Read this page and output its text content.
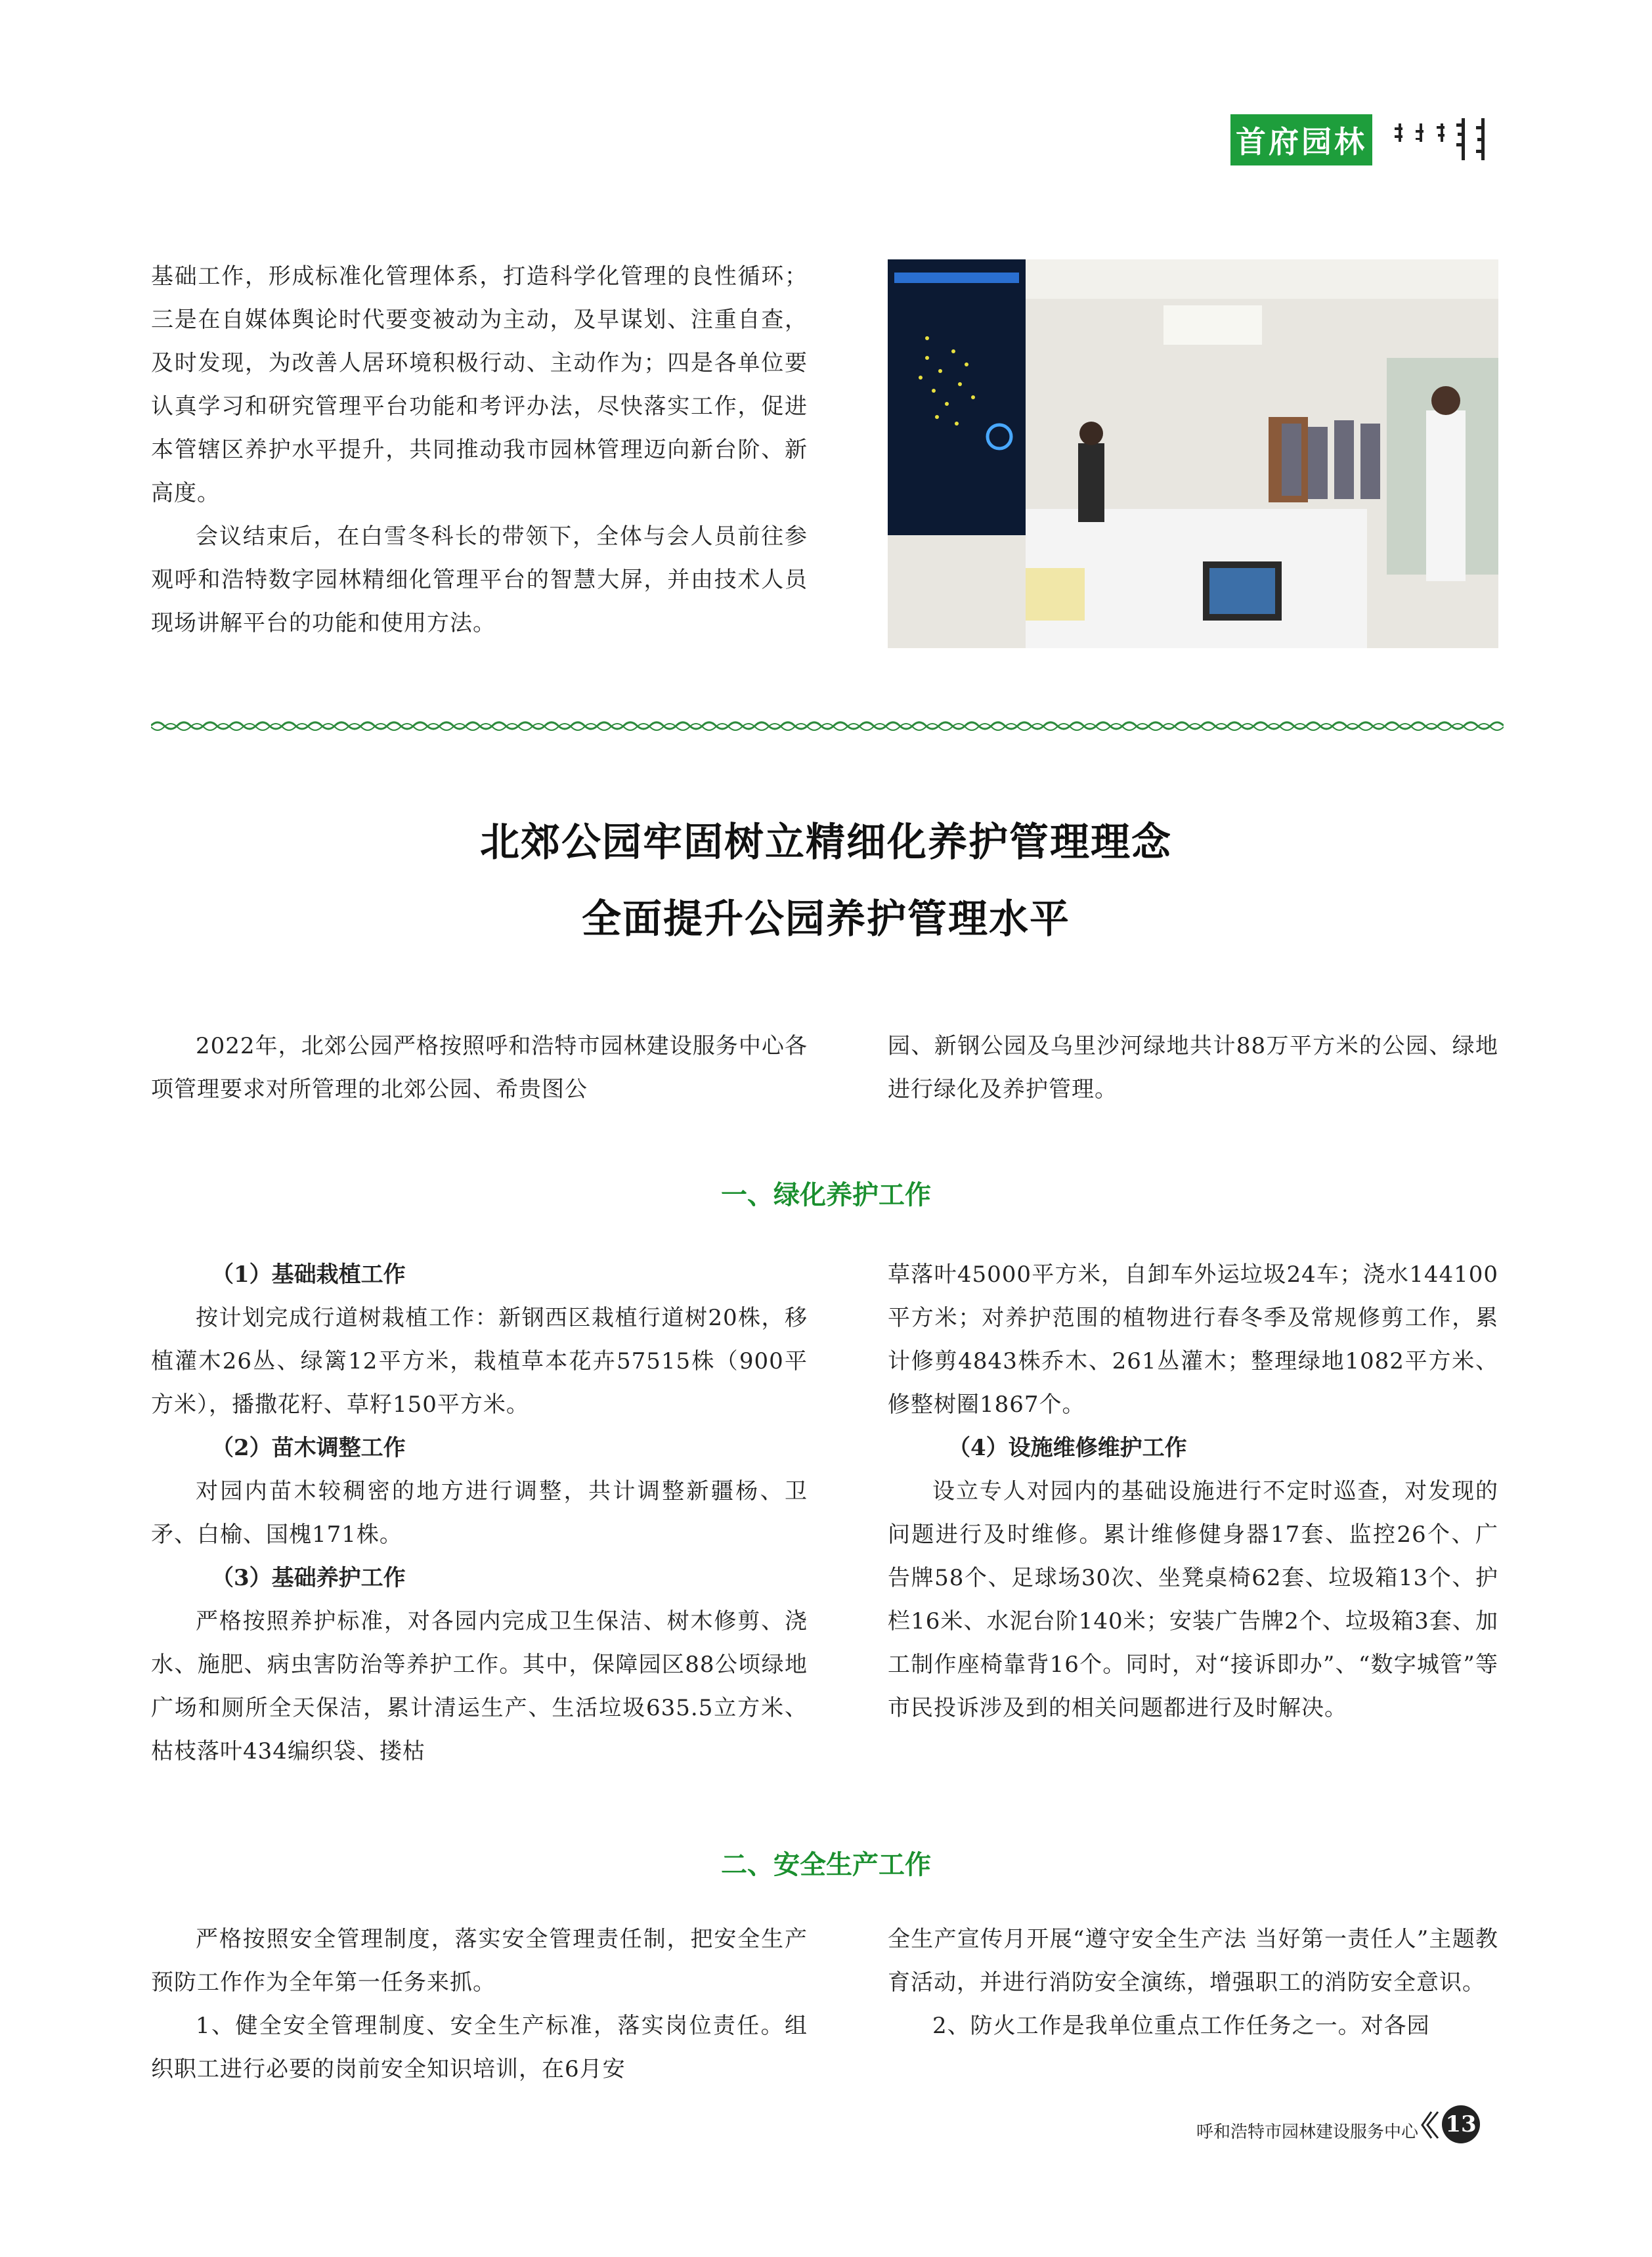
首府园林

基础工作，形成标准化管理体系，打造科学化管理的良性循环；三是在自媒体舆论时代要变被动为主动，及早谋划、注重自查，及时发现，为改善人居环境积极行动、主动作为；四是各单位要认真学习和研究管理平台功能和考评办法，尽快落实工作，促进本管辖区养护水平提升，共同推动我市园林管理迈向新台阶、新高度。

会议结束后，在白雪冬科长的带领下，全体与会人员前往参观呼和浩特数字园林精细化管理平台的智慧大屏，并由技术人员现场讲解平台的功能和使用方法。

北郊公园牢固树立精细化养护管理理念
全面提升公园养护管理水平

2022年，北郊公园严格按照呼和浩特市园林建设服务中心各项管理要求对所管理的北郊公园、希贵图公

园、新钢公园及乌里沙河绿地共计88万平方米的公园、绿地进行绿化及养护管理。

一、绿化养护工作

（1）基础栽植工作

按计划完成行道树栽植工作：新钢西区栽植行道树20株，移植灌木26丛、绿篱12平方米，栽植草本花卉57515株（900平方米），播撒花籽、草籽150平方米。

（2）苗木调整工作

对园内苗木较稠密的地方进行调整，共计调整新疆杨、卫矛、白榆、国槐171株。

（3）基础养护工作

严格按照养护标准，对各园内完成卫生保洁、树木修剪、浇水、施肥、病虫害防治等养护工作。其中，保障园区88公顷绿地广场和厕所全天保洁，累计清运生产、生活垃圾635.5立方米、枯枝落叶434编织袋、搂枯

草落叶45000平方米，自卸车外运垃圾24车；浇水144100平方米；对养护范围的植物进行春冬季及常规修剪工作，累计修剪4843株乔木、261丛灌木；整理绿地1082平方米、修整树圈1867个。

（4）设施维修维护工作

设立专人对园内的基础设施进行不定时巡查，对发现的问题进行及时维修。累计维修健身器17套、监控26个、广告牌58个、足球场30次、坐凳桌椅62套、垃圾箱13个、护栏16米、水泥台阶140米；安装广告牌2个、垃圾箱3套、加工制作座椅靠背16个。同时，对“接诉即办”、“数字城管”等市民投诉涉及到的相关问题都进行及时解决。

二、安全生产工作

严格按照安全管理制度，落实安全管理责任制，把安全生产预防工作作为全年第一任务来抓。

1、健全安全管理制度、安全生产标准，落实岗位责任。组织职工进行必要的岗前安全知识培训，在6月安

全生产宣传月开展“遵守安全生产法 当好第一责任人”主题教育活动，并进行消防安全演练，增强职工的消防安全意识。

2、防火工作是我单位重点工作任务之一。对各园

呼和浩特市园林建设服务中心 13
